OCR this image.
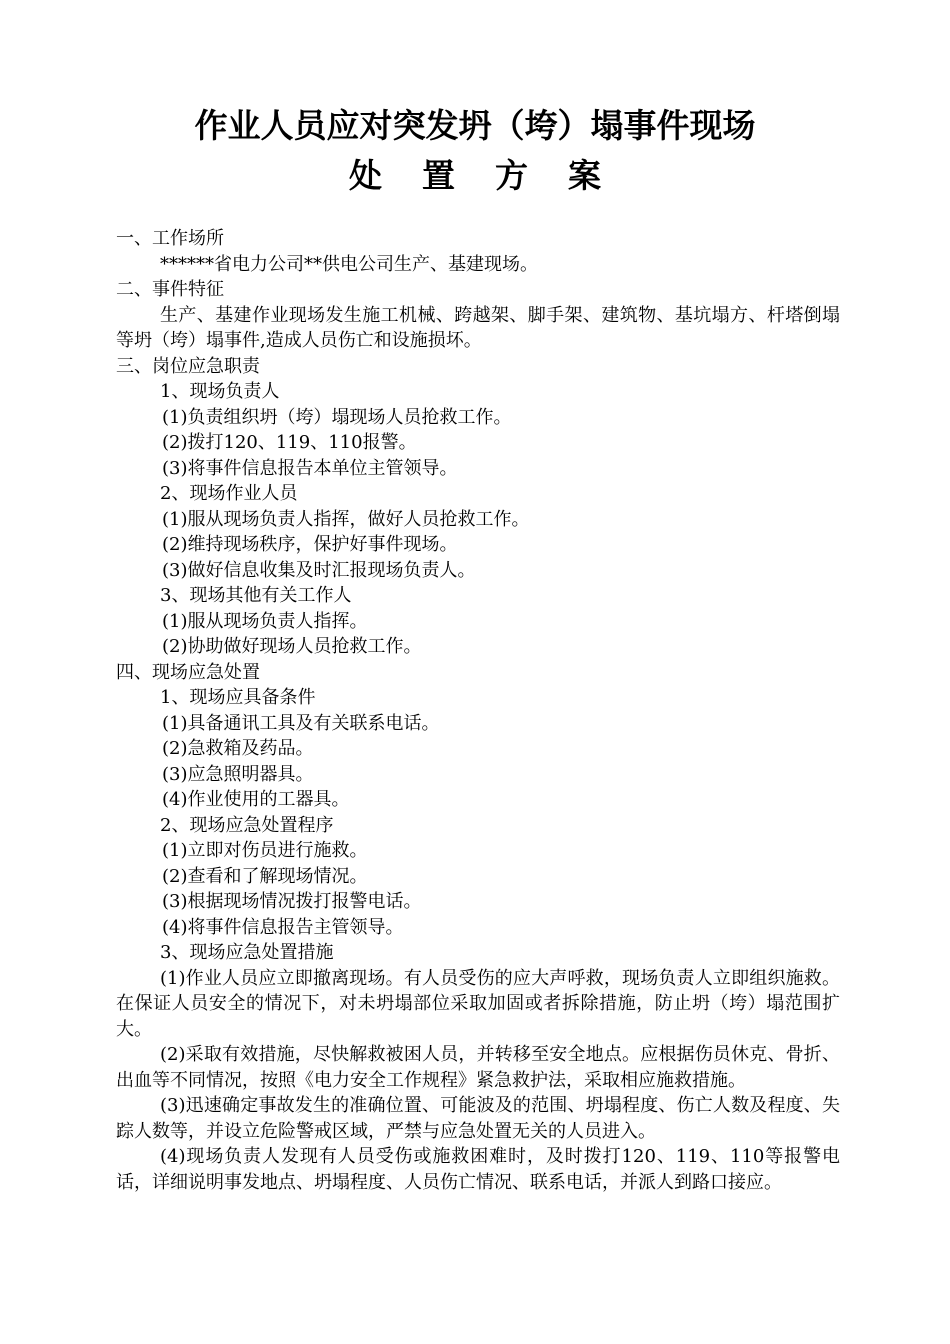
作业人员应对突发坍（垮）塌事件现场
处置方案
一、工作场所
******省电力公司**供电公司生产、基建现场。
二、事件特征
生产、基建作业现场发生施工机械、跨越架、脚手架、建筑物、基坑塌方、杆塔倒塌等坍（垮）塌事件,造成人员伤亡和设施损坏。
三、岗位应急职责
1、现场负责人
(1)负责组织坍（垮）塌现场人员抢救工作。
(2)拨打120、119、110报警。
(3)将事件信息报告本单位主管领导。
2、现场作业人员
(1)服从现场负责人指挥，做好人员抢救工作。
(2)维持现场秩序，保护好事件现场。
(3)做好信息收集及时汇报现场负责人。
3、现场其他有关工作人
(1)服从现场负责人指挥。
(2)协助做好现场人员抢救工作。
四、现场应急处置
1、现场应具备条件
(1)具备通讯工具及有关联系电话。
(2)急救箱及药品。
(3)应急照明器具。
(4)作业使用的工器具。
2、现场应急处置程序
(1)立即对伤员进行施救。
(2)查看和了解现场情况。
(3)根据现场情况拨打报警电话。
(4)将事件信息报告主管领导。
3、现场应急处置措施
(1)作业人员应立即撤离现场。有人员受伤的应大声呼救，现场负责人立即组织施救。在保证人员安全的情况下，对未坍塌部位采取加固或者拆除措施，防止坍（垮）塌范围扩大。
(2)采取有效措施，尽快解救被困人员，并转移至安全地点。应根据伤员休克、骨折、出血等不同情况，按照《电力安全工作规程》紧急救护法，采取相应施救措施。
(3)迅速确定事故发生的准确位置、可能波及的范围、坍塌程度、伤亡人数及程度、失踪人数等，并设立危险警戒区域，严禁与应急处置无关的人员进入。
(4)现场负责人发现有人员受伤或施救困难时，及时拨打120、119、110等报警电话，详细说明事发地点、坍塌程度、人员伤亡情况、联系电话，并派人到路口接应。
